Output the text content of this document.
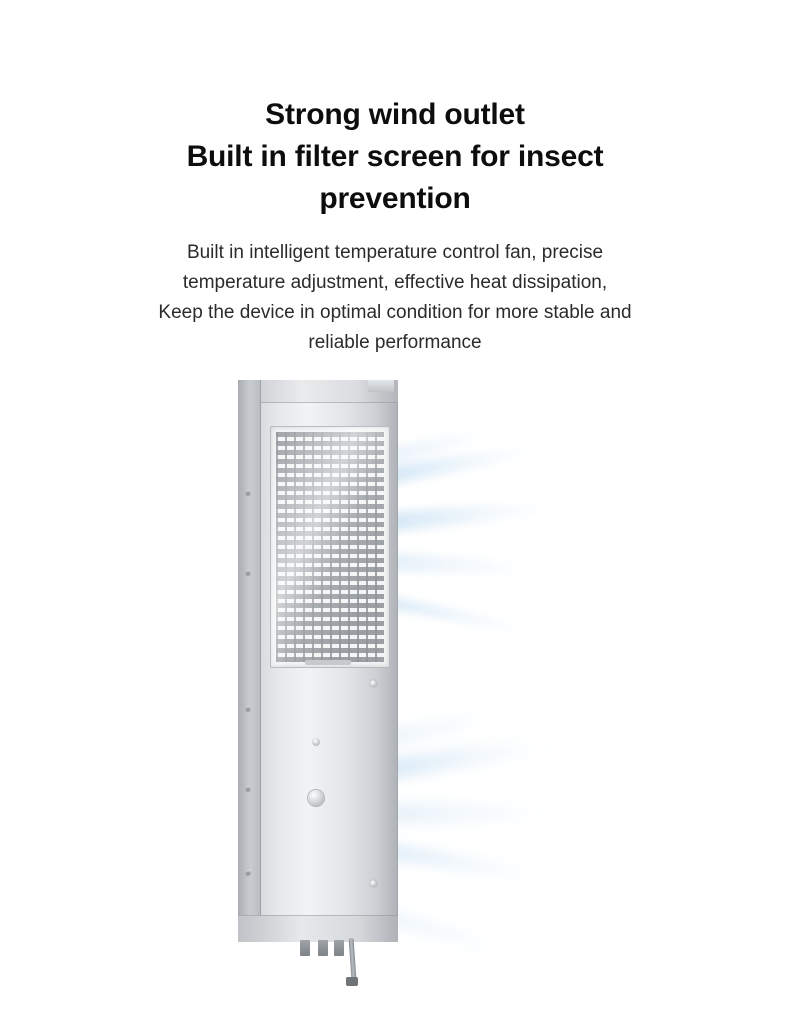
Strong wind outlet
Built in filter screen for insect
prevention

Built in intelligent temperature control fan, precise
temperature adjustment, effective heat dissipation,
Keep the device in optimal condition for more stable and
reliable performance
